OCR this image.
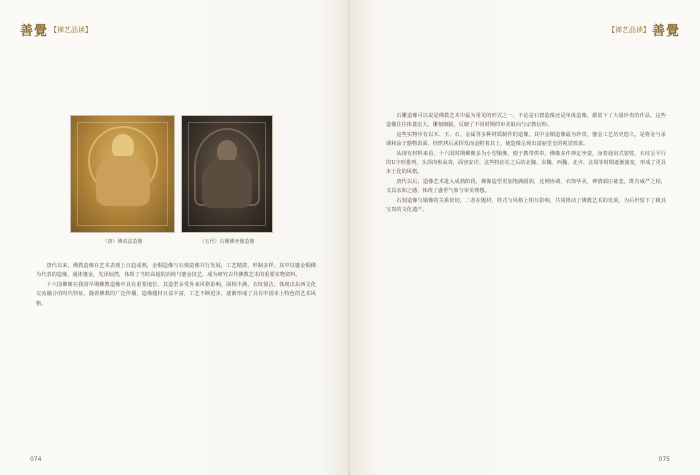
善覺 【禅艺品读】
（唐）佛说法造像	（五代）石雕佛坐像造像

唐代以来，佛教造像在艺术表现上日趋成熟，金铜造像与石刻造像并行发展，工艺精湛，形制多样。其中以鎏金铜佛为代表的造像，通体鎏金，光泽灿然，体现了当时高超的冶铸与鎏金技艺，成为研究古代佛教艺术的重要实物资料。

十六国佛像在我国早期佛教造像中具有重要地位，其造型多受外来风格影响，面相丰满，衣纹简洁，体现出东西文化交流融合的时代特征。随着佛教的广泛传播，造像题材日益丰富，工艺不断进步，逐渐形成了具有中国本土特色的艺术风格。

074
【禅艺品读】 善覺

石雕造像可以说是佛教艺术中最为常见的形式之一，不论是石窟造像还是单体造像，都留下了大量珍贵的作品。这些造像往往体量宏大，雕刻细腻，反映了不同时期的审美取向与宗教信仰。

这些实物中有以木、玉、石、金属等多种材质制作的造像，其中金铜造像最为珍贵。鎏金工艺历史悠久，是将金与汞调和涂于器物表面，经烘烤后汞挥发而金附着其上，使造像呈现出富丽堂皇的视觉效果。

从现有材料来看，十六国时期佛像多为小型铜像，便于携带供奉。佛像多作禅定坐姿，身着通肩式袈裟，衣纹呈平行的U字形排列，头顶肉髻高耸，面容安详。这些特征在之后的北魏、东魏、西魏、北齐、北周等时期逐渐演变，形成了更具本土化的风格。

唐代以后，造像艺术进入成熟阶段，佛像造型更加饱满圆润，比例协调，衣饰华美，神情端庄慈悲，既有威严之相，又具亲和之感，体现了盛世气象与审美理想。

石刻造像与铜像的关系密切，二者在题材、样式与风格上相互影响，共同推动了佛教艺术的发展，为后世留下了极其宝贵的文化遗产。

075
